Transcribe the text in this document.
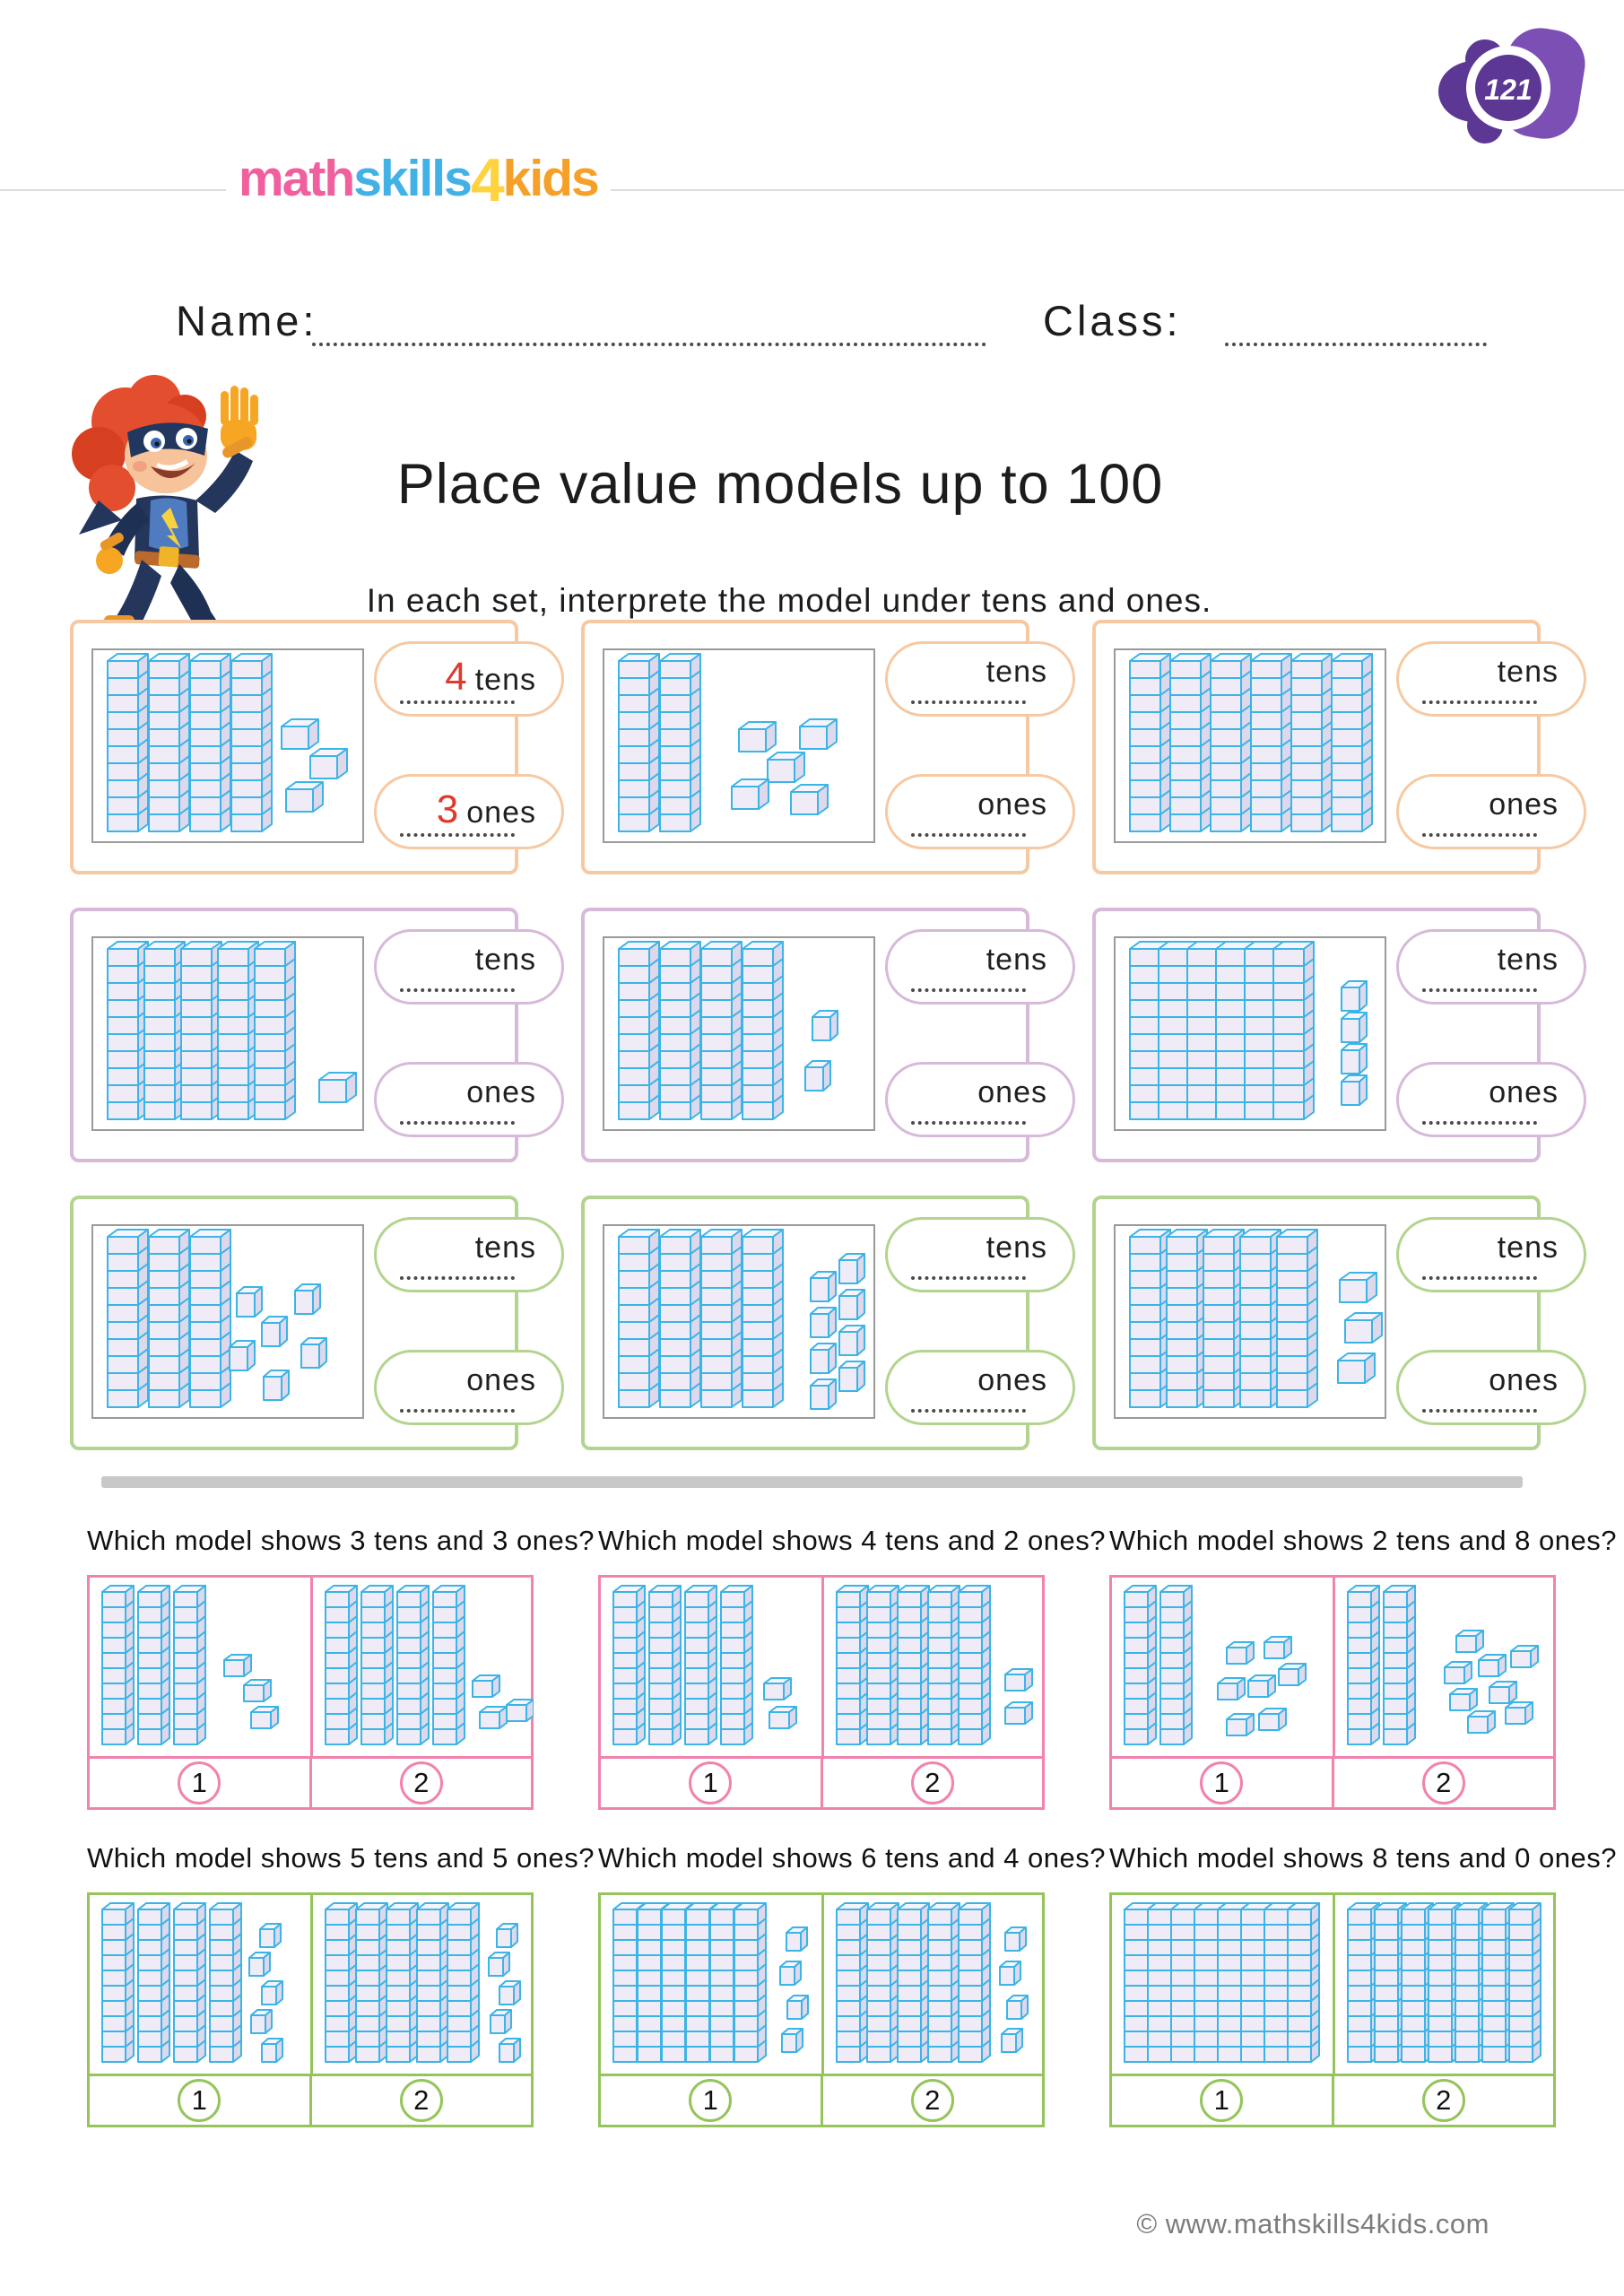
mathskills4kids
121
Name:	Class:
Place value models up to 100

In each set, interprete the model under tens and ones.

4 tens
3 ones
tens
ones
tens
ones
tens
ones
tens
ones
tens
ones
tens
ones
tens
ones
tens
ones
Which model shows 3 tens and 3 ones?
1	2
Which model shows 4 tens and 2 ones?
1	2
Which model shows 2 tens and 8 ones?
1	2
Which model shows 5 tens and 5 ones?
1	2
Which model shows 6 tens and 4 ones?
1	2
Which model shows 8 tens and 0 ones?
1	2
© www.mathskills4kids.com
